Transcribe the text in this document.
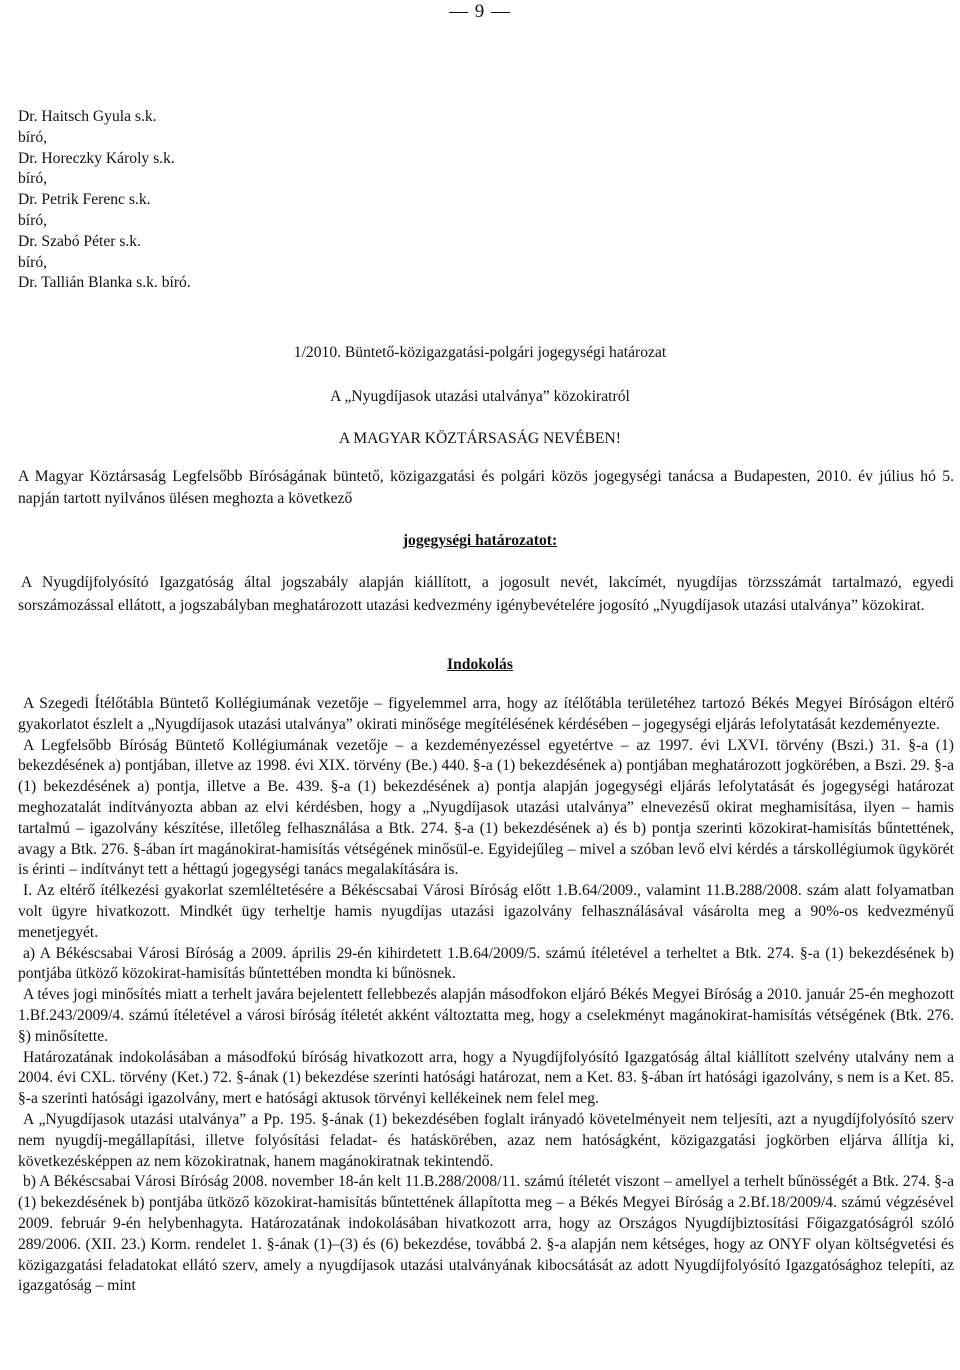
— 9 —
Dr. Haitsch Gyula s.k.
bíró,
Dr. Horeczky Károly s.k.
bíró,
Dr. Petrik Ferenc s.k.
bíró,
Dr. Szabó Péter s.k.
bíró,
Dr. Tallián Blanka s.k. bíró.
1/2010. Büntető-közigazgatási-polgári jogegységi határozat
A „Nyugdíjasok utazási utalványa” közokiratról
A MAGYAR KÖZTÁRSASÁG NEVÉBEN!
A Magyar Köztársaság Legfelsőbb Bíróságának büntető, közigazgatási és polgári közös jogegységi tanácsa a Budapesten, 2010. év július hó 5. napján tartott nyilvános ülésen meghozta a következő
jogegységi határozatot:
A Nyugdíjfolyósító Igazgatóság által jogszabály alapján kiállított, a jogosult nevét, lakcímét, nyugdíjas törzsszámát tartalmazó, egyedi sorszámozással ellátott, a jogszabályban meghatározott utazási kedvezmény igénybevételére jogosító „Nyugdíjasok utazási utalványa” közokirat.
Indokolás

A Szegedi Ítélőtábla Büntető Kollégiumának vezetője – figyelemmel arra, hogy az ítélőtábla területéhez tartozó Békés Megyei Bíróságon eltérő gyakorlatot észlelt a „Nyugdíjasok utazási utalványa” okirati minősége megítélésének kérdésében – jogegységi eljárás lefolytatását kezdeményezte.

A Legfelsőbb Bíróság Büntető Kollégiumának vezetője – a kezdeményezéssel egyetértve – az 1997. évi LXVI. törvény (Bszi.) 31. §-a (1) bekezdésének a) pontjában, illetve az 1998. évi XIX. törvény (Be.) 440. §-a (1) bekezdésének a) pontjában meghatározott jogkörében, a Bszi. 29. §-a (1) bekezdésének a) pontja, illetve a Be. 439. §-a (1) bekezdésének a) pontja alapján jogegységi eljárás lefolytatását és jogegységi határozat meghozatalát indítványozta abban az elvi kérdésben, hogy a „Nyugdíjasok utazási utalványa” elnevezésű okirat meghamisítása, ilyen – hamis tartalmú – igazolvány készítése, illetőleg felhasználása a Btk. 274. §-a (1) bekezdésének a) és b) pontja szerinti közokirat-hamisítás bűntettének, avagy a Btk. 276. §-ában írt magánokirat-hamisítás vétségének minősül-e. Egyidejűleg – mivel a szóban levő elvi kérdés a társkollégiumok ügykörét is érinti – indítványt tett a héttagú jogegységi tanács megalakítására is.

I. Az eltérő ítélkezési gyakorlat szemléltetésére a Békéscsabai Városi Bíróság előtt 1.B.64/2009., valamint 11.B.288/2008. szám alatt folyamatban volt ügyre hivatkozott. Mindkét ügy terheltje hamis nyugdíjas utazási igazolvány felhasználásával vásárolta meg a 90%-os kedvezményű menetjegyét.

a) A Békéscsabai Városi Bíróság a 2009. április 29-én kihirdetett 1.B.64/2009/5. számú ítéletével a terheltet a Btk. 274. §-a (1) bekezdésének b) pontjába ütköző közokirat-hamisítás bűntettében mondta ki bűnösnek.

A téves jogi minősítés miatt a terhelt javára bejelentett fellebbezés alapján másodfokon eljáró Békés Megyei Bíróság a 2010. január 25-én meghozott 1.Bf.243/2009/4. számú ítéletével a városi bíróság ítéletét akként változtatta meg, hogy a cselekményt magánokirat-hamisítás vétségének (Btk. 276. §) minősítette.

Határozatának indokolásában a másodfokú bíróság hivatkozott arra, hogy a Nyugdíjfolyósító Igazgatóság által kiállított szelvény utalvány nem a 2004. évi CXL. törvény (Ket.) 72. §-ának (1) bekezdése szerinti hatósági határozat, nem a Ket. 83. §-ában írt hatósági igazolvány, s nem is a Ket. 85. §-a szerinti hatósági igazolvány, mert e hatósági aktusok törvényi kellékeinek nem felel meg.

A „Nyugdíjasok utazási utalványa” a Pp. 195. §-ának (1) bekezdésében foglalt irányadó követelményeit nem teljesíti, azt a nyugdíjfolyósító szerv nem nyugdíj-megállapítási, illetve folyósítási feladat- és hatáskörében, azaz nem hatóságként, közigazgatási jogkörben eljárva állítja ki, következésképpen az nem közokiratnak, hanem magánokiratnak tekintendő.

b) A Békéscsabai Városi Bíróság 2008. november 18-án kelt 11.B.288/2008/11. számú ítéletét viszont – amellyel a terhelt bűnösségét a Btk. 274. §-a (1) bekezdésének b) pontjába ütköző közokirat-hamisítás bűntettének állapította meg – a Békés Megyei Bíróság a 2.Bf.18/2009/4. számú végzésével 2009. február 9-én helybenhagyta. Határozatának indokolásában hivatkozott arra, hogy az Országos Nyugdíjbiztosítási Főigazgatóságról szóló 289/2006. (XII. 23.) Korm. rendelet 1. §-ának (1)–(3) és (6) bekezdése, továbbá 2. §-a alapján nem kétséges, hogy az ONYF olyan költségvetési és közigazgatási feladatokat ellátó szerv, amely a nyugdíjasok utazási utalványának kibocsátását az adott Nyugdíjfolyósító Igazgatósághoz telepíti, az igazgatóság – mint
